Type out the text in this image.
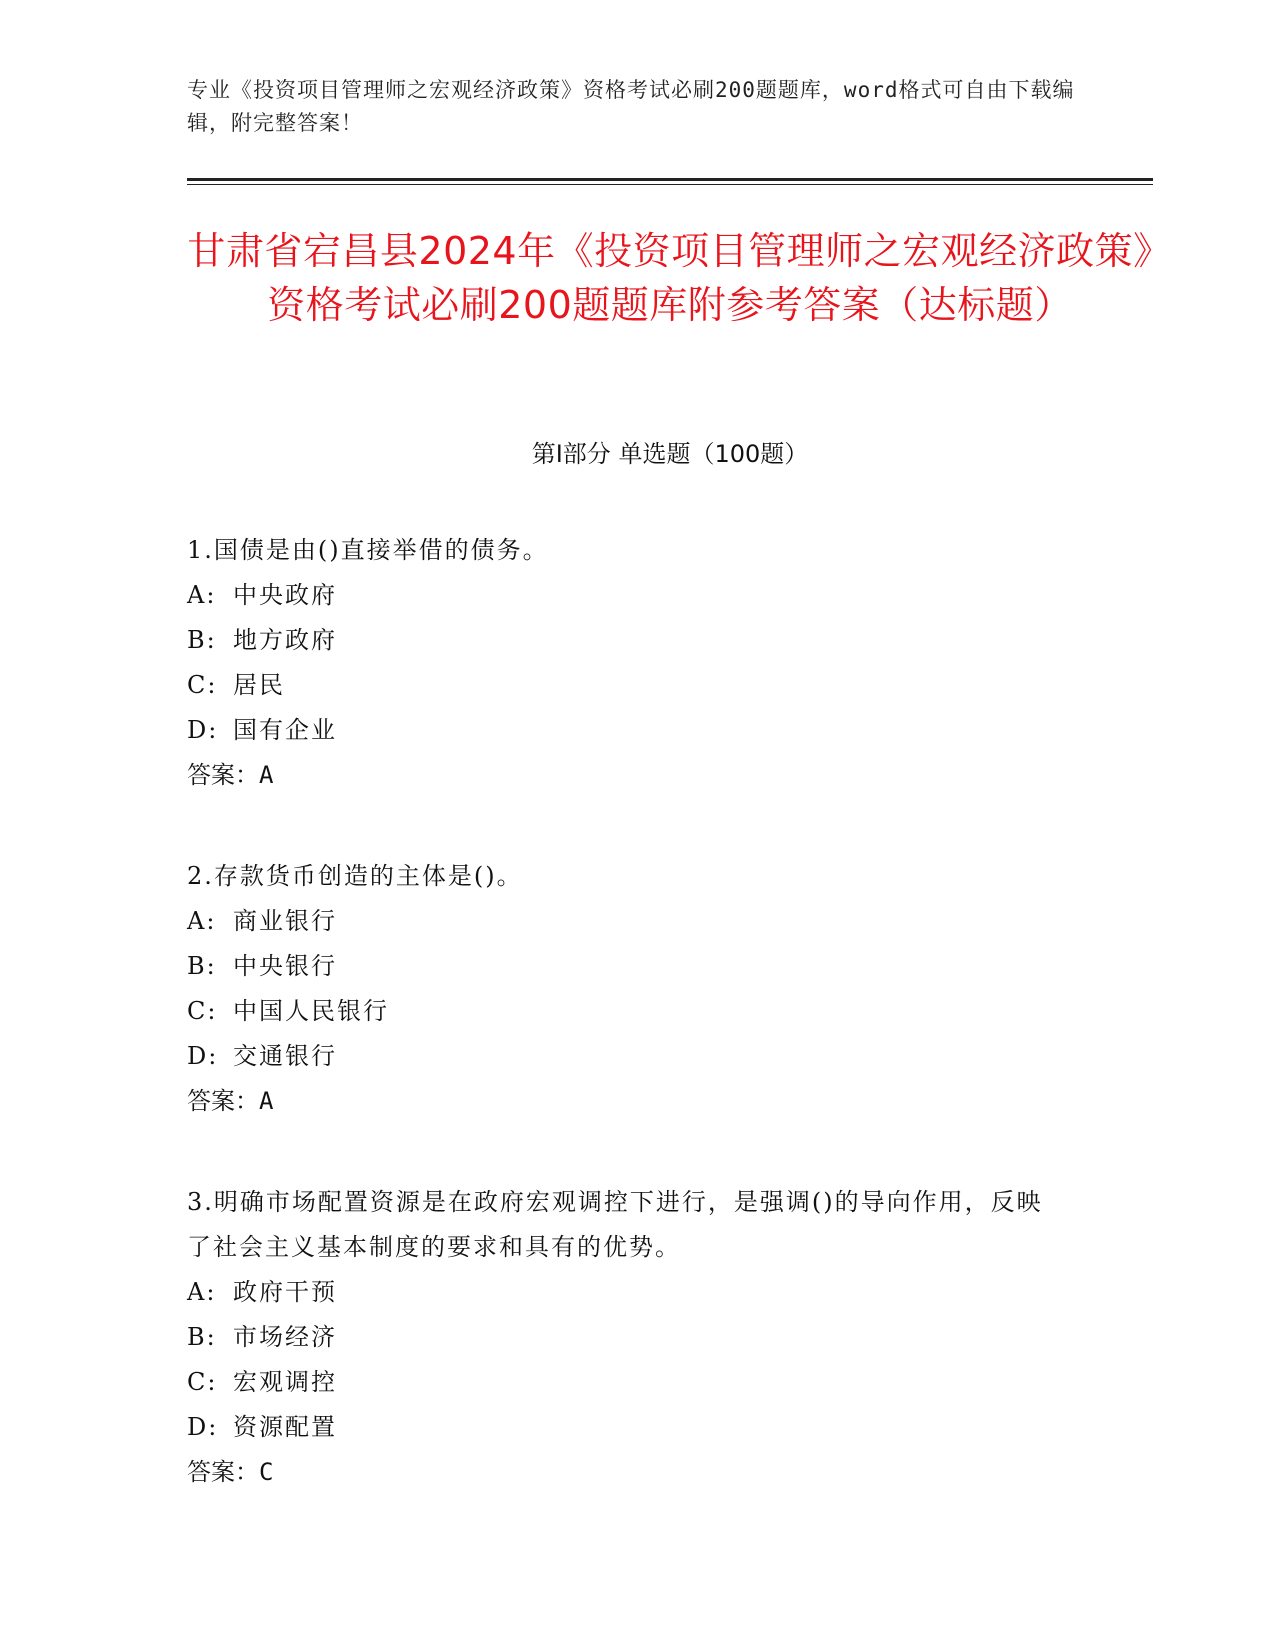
专业《投资项目管理师之宏观经济政策》资格考试必刷200题题库，word格式可自由下载编辑，附完整答案！
甘肃省宕昌县2024年《投资项目管理师之宏观经济政策》资格考试必刷200题题库附参考答案（达标题）
第Ⅰ部分 单选题（100题）
1.国债是由()直接举借的债务。
A: 中央政府
B: 地方政府
C: 居民
D: 国有企业
答案：A
2.存款货币创造的主体是()。
A: 商业银行
B: 中央银行
C: 中国人民银行
D: 交通银行
答案：A
3.明确市场配置资源是在政府宏观调控下进行，是强调()的导向作用，反映了社会主义基本制度的要求和具有的优势。
A: 政府干预
B: 市场经济
C: 宏观调控
D: 资源配置
答案：C
